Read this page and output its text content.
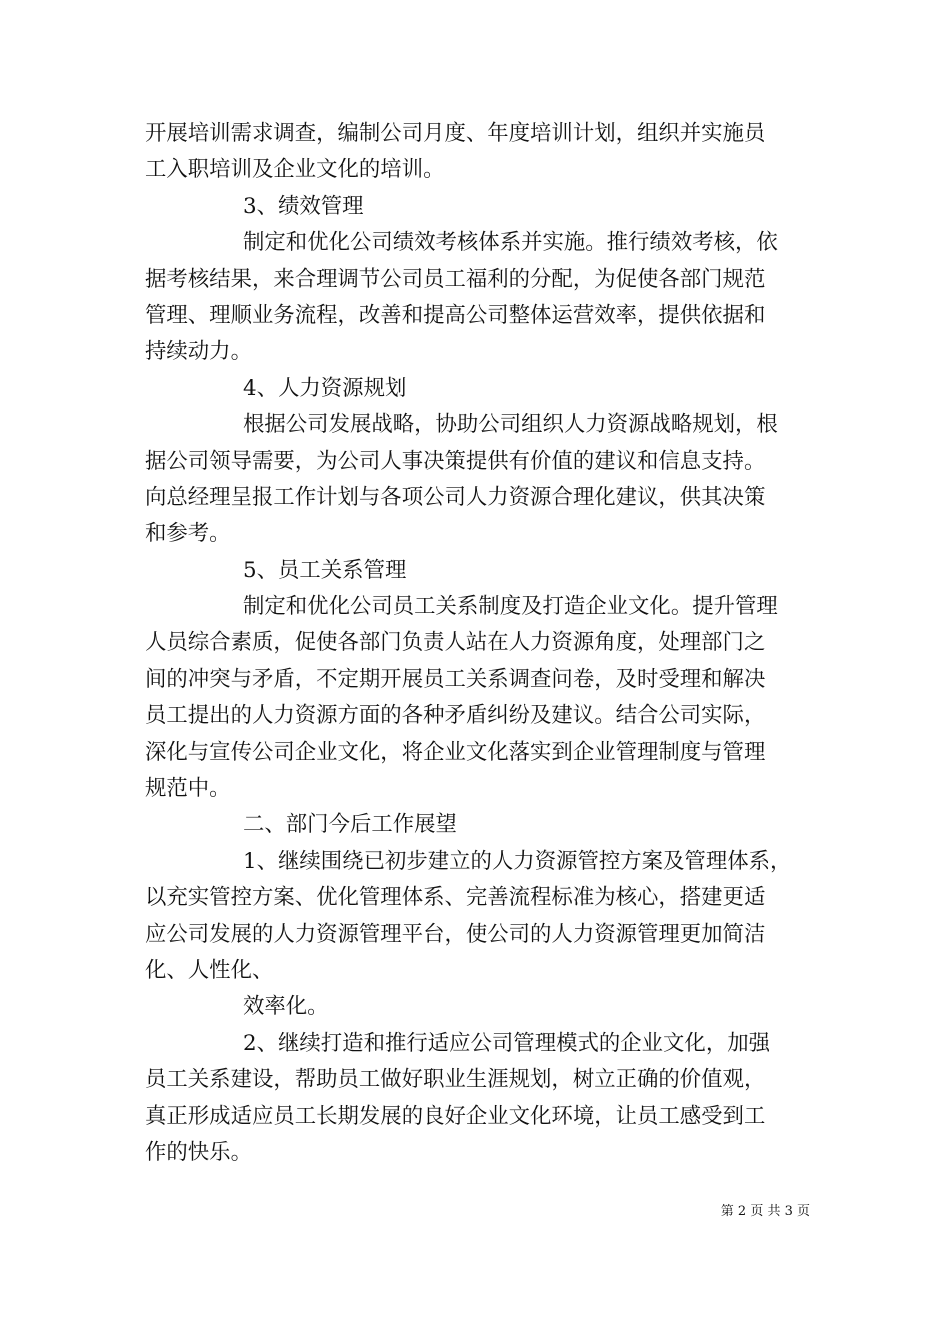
开展培训需求调查，编制公司月度、年度培训计划，组织并实施员
工入职培训及企业文化的培训。
3、绩效管理
制定和优化公司绩效考核体系并实施。推行绩效考核，依
据考核结果，来合理调节公司员工福利的分配，为促使各部门规范
管理、理顺业务流程，改善和提高公司整体运营效率，提供依据和
持续动力。
4、人力资源规划
根据公司发展战略，协助公司组织人力资源战略规划，根
据公司领导需要，为公司人事决策提供有价值的建议和信息支持。
向总经理呈报工作计划与各项公司人力资源合理化建议，供其决策
和参考。
5、员工关系管理
制定和优化公司员工关系制度及打造企业文化。提升管理
人员综合素质，促使各部门负责人站在人力资源角度，处理部门之
间的冲突与矛盾，不定期开展员工关系调查问卷，及时受理和解决
员工提出的人力资源方面的各种矛盾纠纷及建议。结合公司实际，
深化与宣传公司企业文化，将企业文化落实到企业管理制度与管理
规范中。
二、部门今后工作展望
1、继续围绕已初步建立的人力资源管控方案及管理体系，
以充实管控方案、优化管理体系、完善流程标准为核心，搭建更适
应公司发展的人力资源管理平台，使公司的人力资源管理更加简洁
化、人性化、
效率化。
2、继续打造和推行适应公司管理模式的企业文化，加强
员工关系建设，帮助员工做好职业生涯规划，树立正确的价值观，
真正形成适应员工长期发展的良好企业文化环境，让员工感受到工
作的快乐。
第 2 页 共 3 页
